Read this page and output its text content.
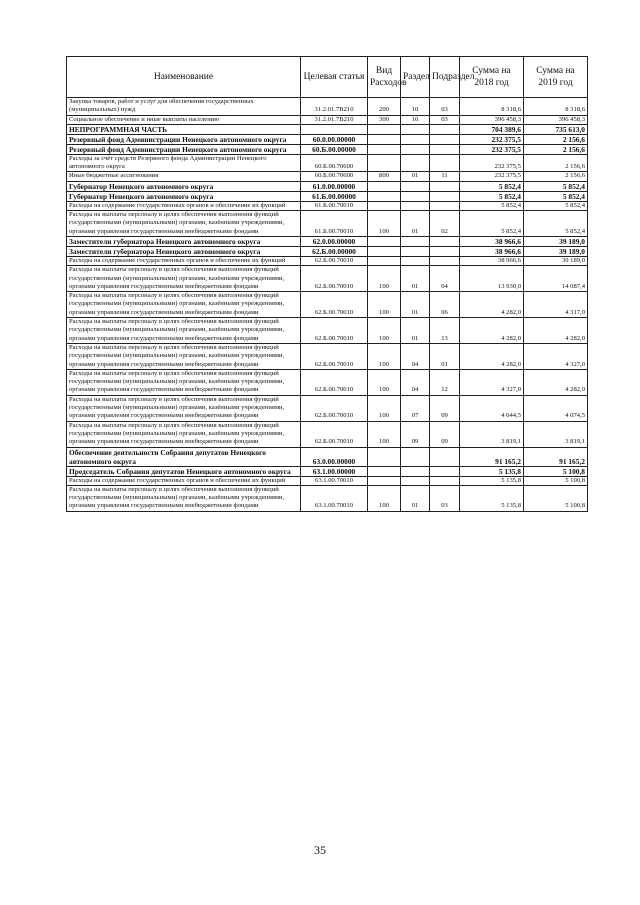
Наименование	Целевая статья	Вид Расходов	Раздел	Подраздел	Сумма на 2018 год	Сумма на 2019 год
Закупка товаров, работ и услуг для обеспечения государственных (муниципальных) нужд	31.2.01.7В210	200	10	03	8 318,6	8 318,6
Социальное обеспечение и иные выплаты населению	31.2.01.7В210	300	10	03	396 458,3	396 458,3
НЕПРОГРАММНАЯ ЧАСТЬ					704 389,6	735 613,0
Резервный фонд Администрации Ненецкого автономного округа	60.0.00.00000				232 375,5	2 156,6
Резервный фонд Администрации Ненецкого автономного округа	60.Б.00.00000				232 375,5	2 156,6
Расходы за счёт средств Резервного фонда Администрации Ненецкого автономного округа	60.Б.00.70600				232 375,5	2 156,6
Иные бюджетные ассигнования	60.Б.00.70600	800	01	11	232 375,5	2 156,6
Губернатор Ненецкого автономного округа	61.0.00.00000				5 852,4	5 852,4
Губернатор Ненецкого автономного округа	61.Б.00.00000				5 852,4	5 852,4
Расходы на содержание государственных органов и обеспечение их функций	61.Б.00.70010				5 852,4	5 852,4
Расходы на выплаты персоналу в целях обеспечения выполнения функций государственными (муниципальными) органами, казёнными учреждениями, органами управления государственными внебюджетными фондами	61.Б.00.70010	100	01	02	5 852,4	5 852,4
Заместители губернатора Ненецкого автономного округа	62.0.00.00000				38 966,6	39 189,0
Заместители губернатора Ненецкого автономного округа	62.Б.00.00000				38 966,6	39 189,0
Расходы на содержание государственных органов и обеспечение их функций	62.Б.00.70010				38 966,6	39 189,0
Расходы на выплаты персоналу в целях обеспечения выполнения функций государственными (муниципальными) органами, казёнными учреждениями, органами управления государственными внебюджетными фондами	62.Б.00.70010	100	01	04	13 930,0	14 087,4
Расходы на выплаты персоналу в целях обеспечения выполнения функций государственными (муниципальными) органами, казёнными учреждениями, органами управления государственными внебюджетными фондами	62.Б.00.70010	100	01	06	4 282,0	4 317,0
Расходы на выплаты персоналу в целях обеспечения выполнения функций государственными (муниципальными) органами, казёнными учреждениями, органами управления государственными внебюджетными фондами	62.Б.00.70010	100	01	13	4 282,0	4 282,0
Расходы на выплаты персоналу в целях обеспечения выполнения функций государственными (муниципальными) органами, казёнными учреждениями, органами управления государственными внебюджетными фондами	62.Б.00.70010	100	04	01	4 282,0	4 327,0
Расходы на выплаты персоналу в целях обеспечения выполнения функций государственными (муниципальными) органами, казёнными учреждениями, органами управления государственными внебюджетными фондами	62.Б.00.70010	100	04	12	4 327,0	4 282,0
Расходы на выплаты персоналу в целях обеспечения выполнения функций государственными (муниципальными) органами, казёнными учреждениями, органами управления государственными внебюджетными фондами	62.Б.00.70010	100	07	09	4 044,5	4 074,5
Расходы на выплаты персоналу в целях обеспечения выполнения функций государственными (муниципальными) органами, казёнными учреждениями, органами управления государственными внебюджетными фондами	62.Б.00.70010	100	09	09	3 819,1	3 819,1
Обеспечение деятельности Собрания депутатов Ненецкого автономного округа	63.0.00.00000				91 165,2	91 165,2
Председатель Собрания депутатов Ненецкого автономного округа	63.1.00.00000				5 135,8	5 100,8
Расходы на содержание государственных органов и обеспечение их функций	63.1.00.70010				5 135,8	5 100,8
Расходы на выплаты персоналу в целях обеспечения выполнения функций государственными (муниципальными) органами, казёнными учреждениями, органами управления государственными внебюджетными фондами	63.1.00.70010	100	01	03	5 135,8	5 100,8
35
